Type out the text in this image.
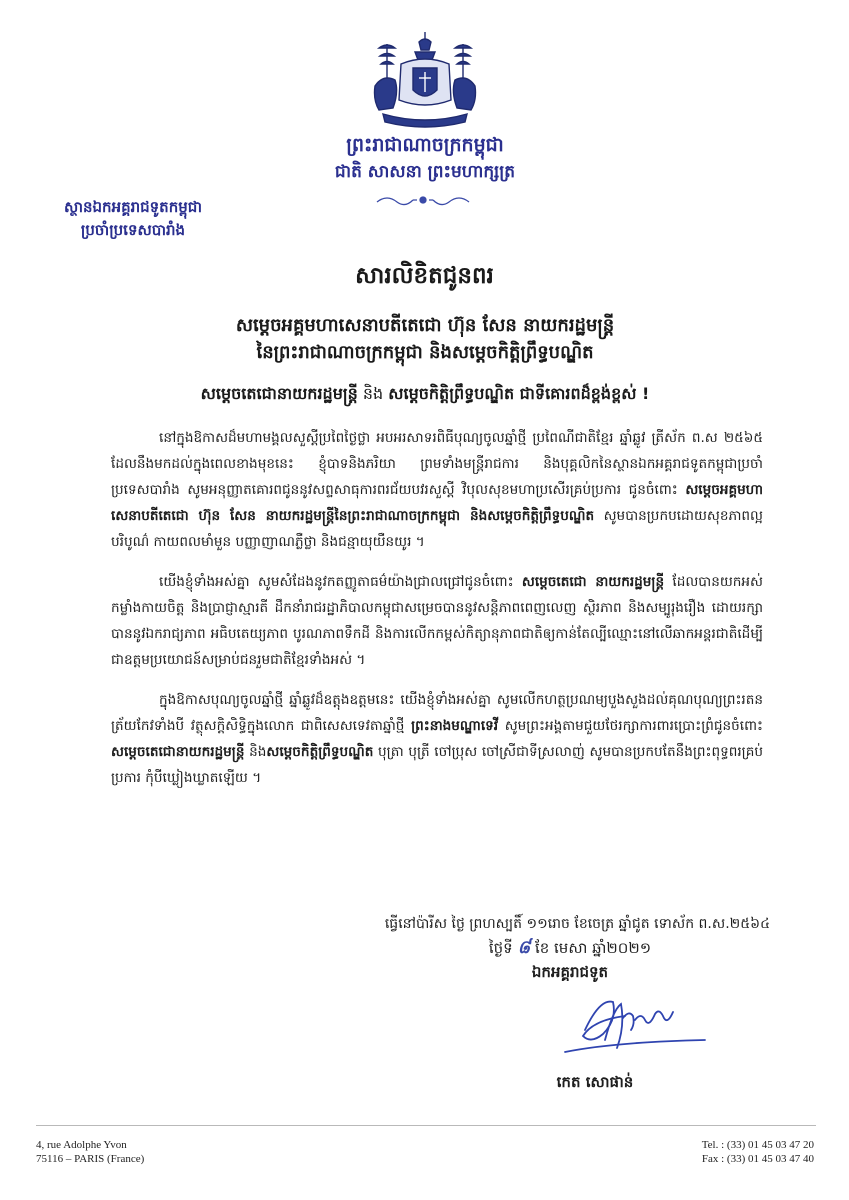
ព្រះរាជាណាចក្រកម្ពុជា
ជាតិ សាសនា ព្រះមហាក្សត្រ
ស្ថានឯកអគ្គរាជទូតកម្ពុជា
ប្រចាំប្រទេសបារាំង
សារលិខិតជូនពរ
សម្តេចអគ្គមហាសេនាបតីតេជោ ហ៊ុន សែន នាយករដ្ឋមន្ត្រី
នៃព្រះរាជាណាចក្រកម្ពុជា និងសម្តេចកិត្តិព្រឹទ្ធបណ្ឌិត
សម្តេចតេជោនាយករដ្ឋមន្ត្រី និង សម្តេចកិត្តិព្រឹទ្ធបណ្ឌិត ជាទីគោរពដ៏ខ្ពង់ខ្ពស់ !

នៅក្នុងឱកាសដ៏មហាមង្គលសួស្តីប្រពៃថ្ងៃថ្លា អបអរសាទរពិធីបុណ្យចូលឆ្នាំថ្មី ប្រពៃណីជាតិខ្មែរ ឆ្នាំឆ្លូវ ត្រីស័ក ព.ស ២៥៦៥ ដែលនឹងមកដល់ក្នុងពេលខាងមុខនេះ ខ្ញុំបាទនិងភរិយា ព្រមទាំងមន្រ្តីរាជការ និងបុគ្គលិកនៃស្ថានឯកអគ្គរាជទូតកម្ពុជាប្រចាំប្រទេសបារាំង សូមអនុញ្ញាតគោរពជូននូវសព្ទសាធុការពរជ័យបវរសួស្តី វិបុលសុខមហាប្រសើរគ្រប់ប្រការ ជូនចំពោះ សម្តេចអគ្គមហាសេនាបតីតេជោ ហ៊ុន សែន នាយករដ្ឋមន្ត្រីនៃព្រះរាជាណាចក្រកម្ពុជា និងសម្តេចកិត្តិព្រឹទ្ធបណ្ឌិត សូមបានប្រកបដោយសុខភាពល្អបរិបូណ៌ កាយពលមាំមួន បញ្ញាញាណភ្លឺថ្លា និងជន្មាយុយឺនយូរ ។

យើងខ្ញុំទាំងអស់គ្នា សូមសំដែងនូវកតញ្ញូតាធម៌យ៉ាងជ្រាលជ្រៅជូនចំពោះ សម្តេចតេជោ នាយករដ្ឋមន្ត្រី ដែលបានយកអស់កម្លាំងកាយចិត្ត និងប្រាជ្ញាស្មារតី ដឹកនាំរាជរដ្ឋាភិបាលកម្ពុជាសម្រេចបាននូវសន្តិភាពពេញលេញ ស្ថិរភាព និងសម្បូរុងរឿង ដោយរក្សាបាននូវឯករាជ្យភាព អធិបតេយ្យភាព បូរណភាពទឹកដី និងការលើកកម្ពស់កិត្យានុភាពជាតិឲ្យកាន់តែល្បីឈ្មោះនៅលើឆាកអន្តរជាតិដើម្បីជាឧត្តមប្រយោជន៍សម្រាប់ជនរួមជាតិខ្មែរទាំងអស់ ។

ក្នុងឱកាសបុណ្យចូលឆ្នាំថ្មី ឆ្នាំឆ្លូវដ៏ឧត្តុងឧត្តមនេះ យើងខ្ញុំទាំងអស់គ្នា សូមលើកហត្ថប្រណម្យបួងសួងដល់គុណបុណ្យព្រះរតនត្រ័យកែវទាំងបី វត្ថុសក្តិសិទ្ធិក្នុងលោក ជាពិសេសទេវតាឆ្នាំថ្មី ព្រះនាងមណ្ឌាទេវី សូមព្រះអង្គតាមជួយថែរក្សាការពារប្រោះព្រំជូនចំពោះ សម្តេចតេជោនាយករដ្ឋមន្ត្រី និងសម្តេចកិត្តិព្រឹទ្ធបណ្ឌិត បុត្រា បុត្រី ចៅប្រុស ចៅស្រីជាទីស្រលាញ់ សូមបានប្រកបតែនឹងព្រះពុទ្ធពរគ្រប់ប្រការ កុំបីឃ្លៀងឃ្លាតឡើយ ។

ធ្វើនៅប៉ារីស ថ្ងៃ ព្រហស្បតិ៍ ១១រោច ខែចេត្រ ឆ្នាំជូត ទោស័ក ព.ស.២៥៦៤
ថ្ងៃទី ៨ ខែ មេសា ឆ្នាំ២០២១
ឯកអគ្គរាជទូត
កេត សោផាន់
4, rue Adolphe Yvon
75116 – PARIS (France)
Tel. : (33) 01 45 03 47 20
Fax : (33) 01 45 03 47 40
